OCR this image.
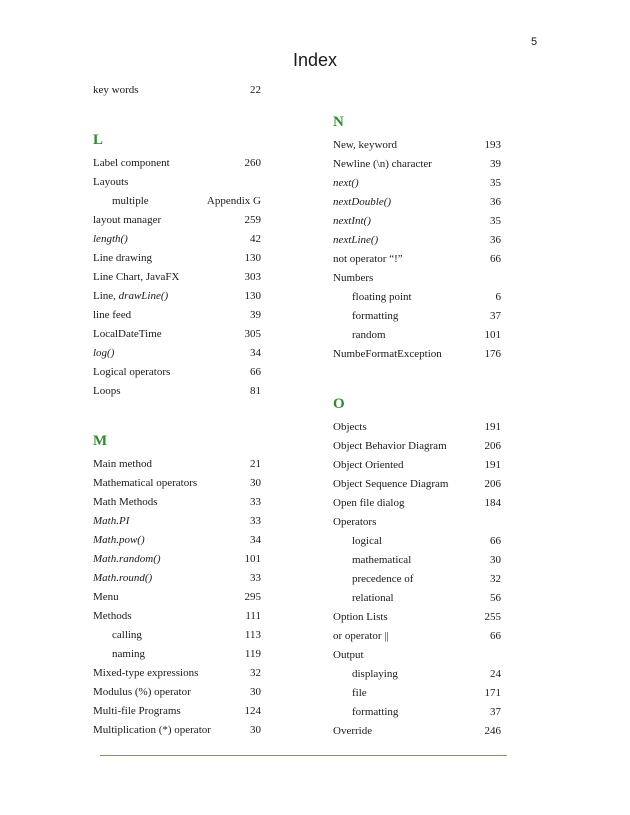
5
Index
key words	22
L
Label component	260
Layouts
multiple	Appendix G
layout manager	259
length()	42
Line drawing	130
Line Chart, JavaFX	303
Line, drawLine()	130
line feed	39
LocalDateTime	305
log()	34
Logical operators	66
Loops	81
M
Main method	21
Mathematical operators	30
Math Methods	33
Math.PI	33
Math.pow()	34
Math.random()	101
Math.round()	33
Menu	295
Methods	111
calling	113
naming	119
Mixed-type expressions	32
Modulus (%) operator	30
Multi-file Programs	124
Multiplication (*) operator	30
N
New, keyword	193
Newline (\n) character	39
next()	35
nextDouble()	36
nextInt()	35
nextLine()	36
not operator “!”	66
Numbers
floating point	6
formatting	37
random	101
NumbeFormatException	176
O
Objects	191
Object Behavior Diagram	206
Object Oriented	191
Object Sequence Diagram	206
Open file dialog	184
Operators
logical	66
mathematical	30
precedence of	32
relational	56
Option Lists	255
or operator ||	66
Output
displaying	24
file	171
formatting	37
Override	246
